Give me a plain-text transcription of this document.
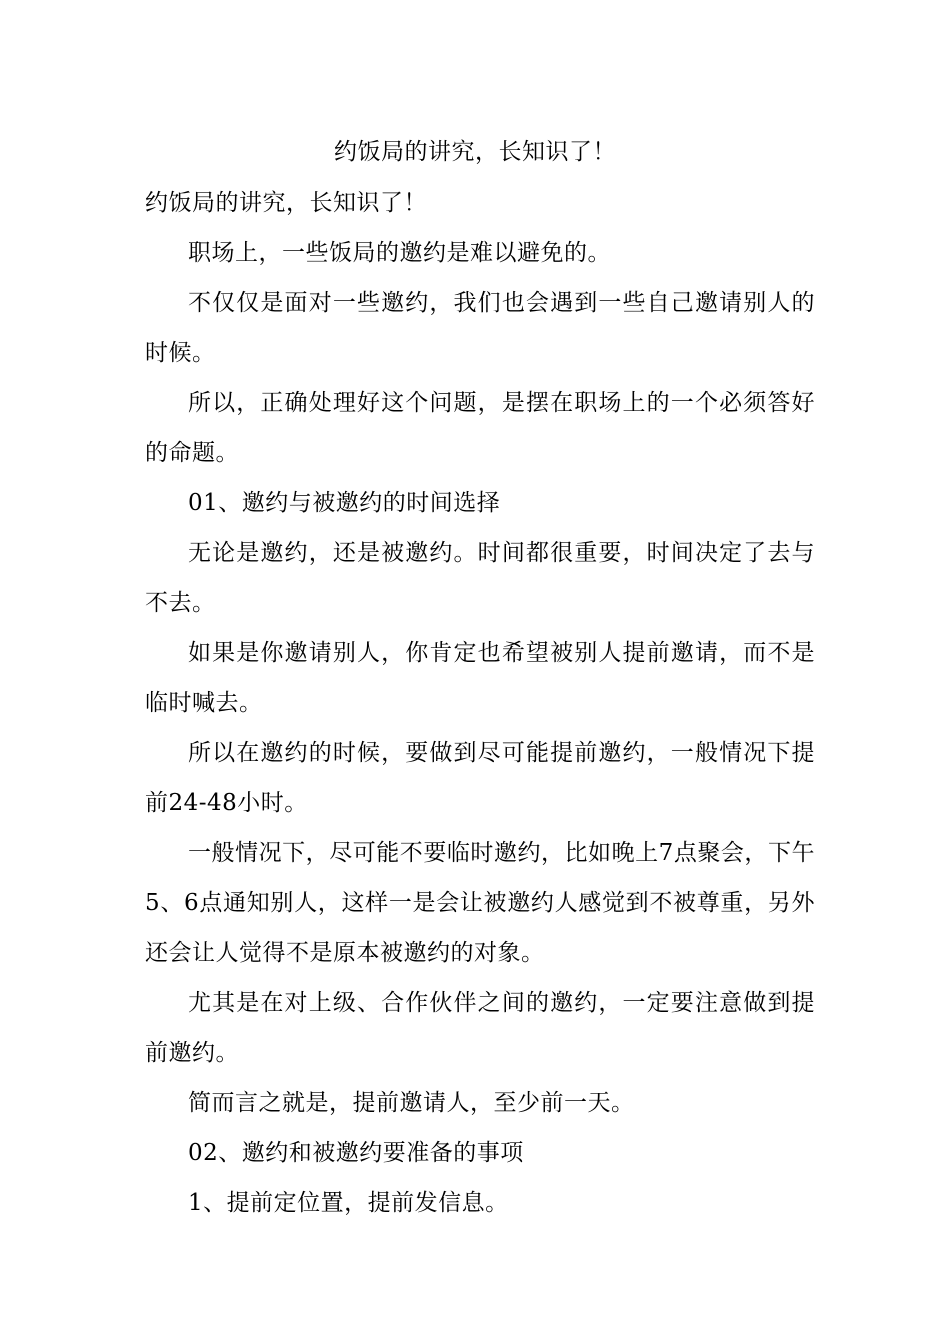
约饭局的讲究，长知识了！

约饭局的讲究，长知识了！

职场上，一些饭局的邀约是难以避免的。

不仅仅是面对一些邀约，我们也会遇到一些自己邀请别人的时候。

所以，正确处理好这个问题，是摆在职场上的一个必须答好的命题。

01、邀约与被邀约的时间选择

无论是邀约，还是被邀约。时间都很重要，时间决定了去与不去。

如果是你邀请别人，你肯定也希望被别人提前邀请，而不是临时喊去。

所以在邀约的时候，要做到尽可能提前邀约，一般情况下提前24-48小时。

一般情况下，尽可能不要临时邀约，比如晚上7点聚会，下午5、6点通知别人，这样一是会让被邀约人感觉到不被尊重，另外还会让人觉得不是原本被邀约的对象。

尤其是在对上级、合作伙伴之间的邀约，一定要注意做到提前邀约。

简而言之就是，提前邀请人，至少前一天。

02、邀约和被邀约要准备的事项

1、提前定位置，提前发信息。
